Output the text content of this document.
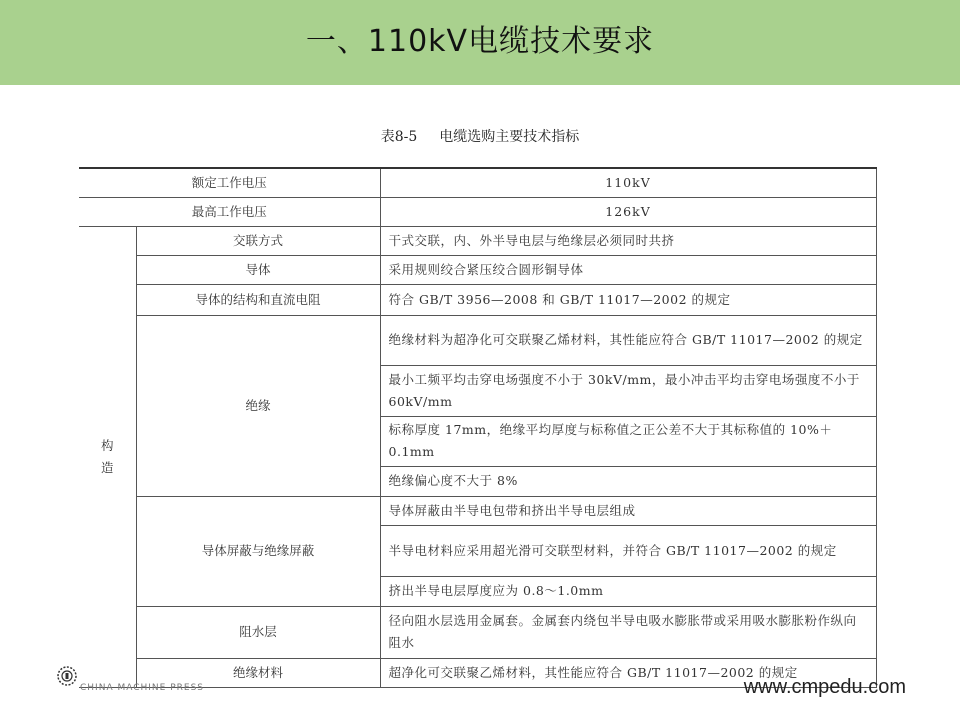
一、110kV电缆技术要求
表8-5 电缆选购主要技术指标
额定工作电压		110kV
最高工作电压		126kV

构
造	交联方式	干式交联，内、外半导电层与绝缘层必须同时共挤
	导体	采用规则绞合紧压绞合圆形铜导体
	导体的结构和直流电阻	符合 GB/T 3956—2008 和 GB/T 11017—2002 的规定
	绝缘	绝缘材料为超净化可交联聚乙烯材料，其性能应符合 GB/T 11017—2002 的规定
		最小工频平均击穿电场强度不小于 30kV/mm，最小冲击平均击穿电场强度不小于 60kV/mm
		标称厚度 17mm，绝缘平均厚度与标称值之正公差不大于其标称值的 10%＋0.1mm
		绝缘偏心度不大于 8%
	导体屏蔽与绝缘屏蔽	导体屏蔽由半导电包带和挤出半导电层组成
		半导电材料应采用超光滑可交联型材料，并符合 GB/T 11017—2002 的规定
		挤出半导电层厚度应为 0.8～1.0mm
	阻水层	径向阻水层选用金属套。金属套内绕包半导电吸水膨胀带或采用吸水膨胀粉作纵向阻水
	绝缘材料	超净化可交联聚乙烯材料，其性能应符合 GB/T 11017—2002 的规定
CHINA MACHINE PRESS	www.cmpedu.com
